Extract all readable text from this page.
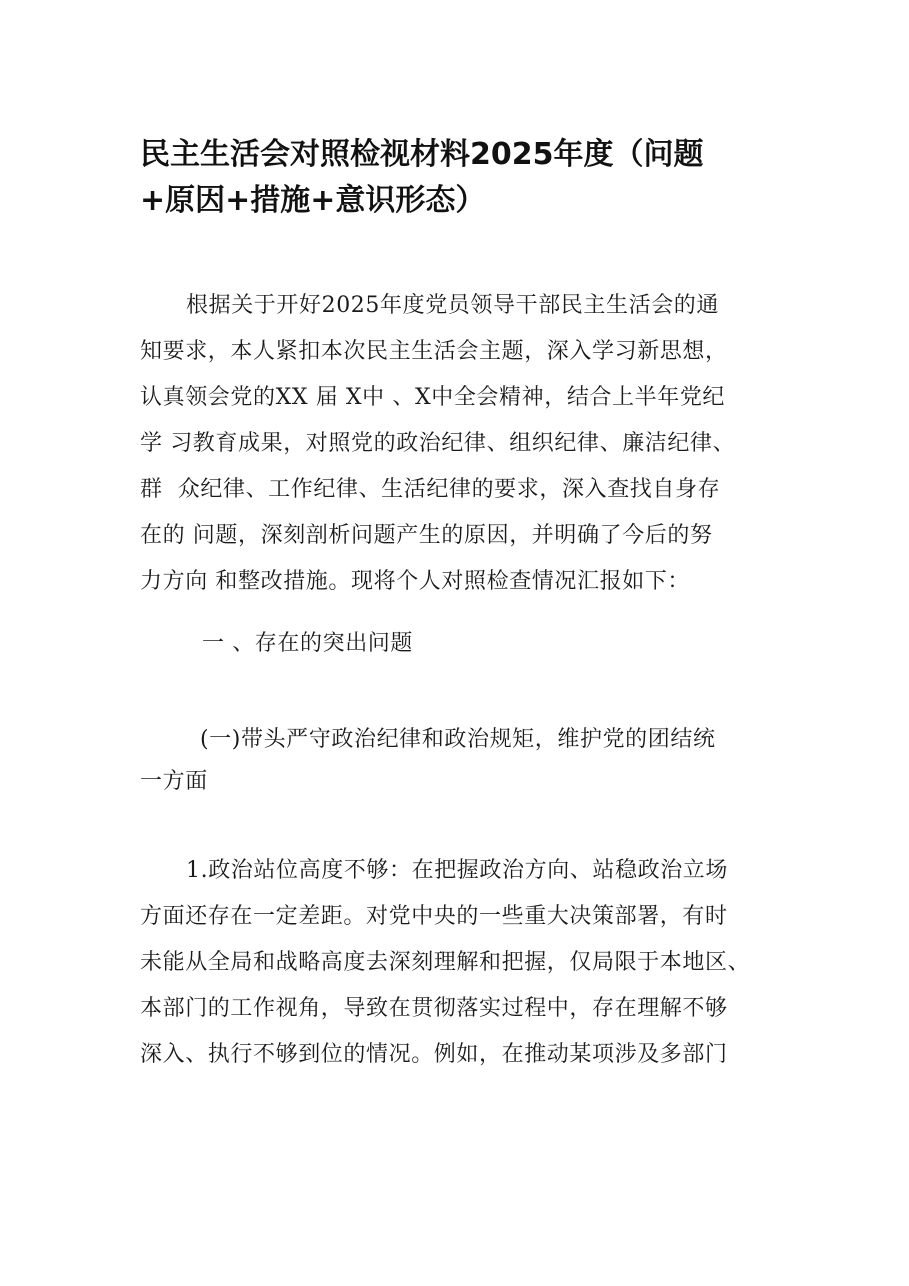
民主生活会对照检视材料2025年度（问题
+原因+措施+意识形态）
根据关于开好2025年度党员领导干部民主生活会的通
知要求，本人紧扣本次民主生活会主题，深入学习新思想，
认真领会党的XX 届 X中 、X中全会精神，结合上半年党纪
学 习教育成果，对照党的政治纪律、组织纪律、廉洁纪律、
群  众纪律、工作纪律、生活纪律的要求，深入查找自身存
在的 问题，深刻剖析问题产生的原因，并明确了今后的努
力方向 和整改措施。现将个人对照检查情况汇报如下：
一 、存在的突出问题
(一)带头严守政治纪律和政治规矩，维护党的团结统
一方面
1.政治站位高度不够：在把握政治方向、站稳政治立场
方面还存在一定差距。对党中央的一些重大决策部署，有时
未能从全局和战略高度去深刻理解和把握，仅局限于本地区、
本部门的工作视角，导致在贯彻落实过程中，存在理解不够
深入、执行不够到位的情况。例如，在推动某项涉及多部门
